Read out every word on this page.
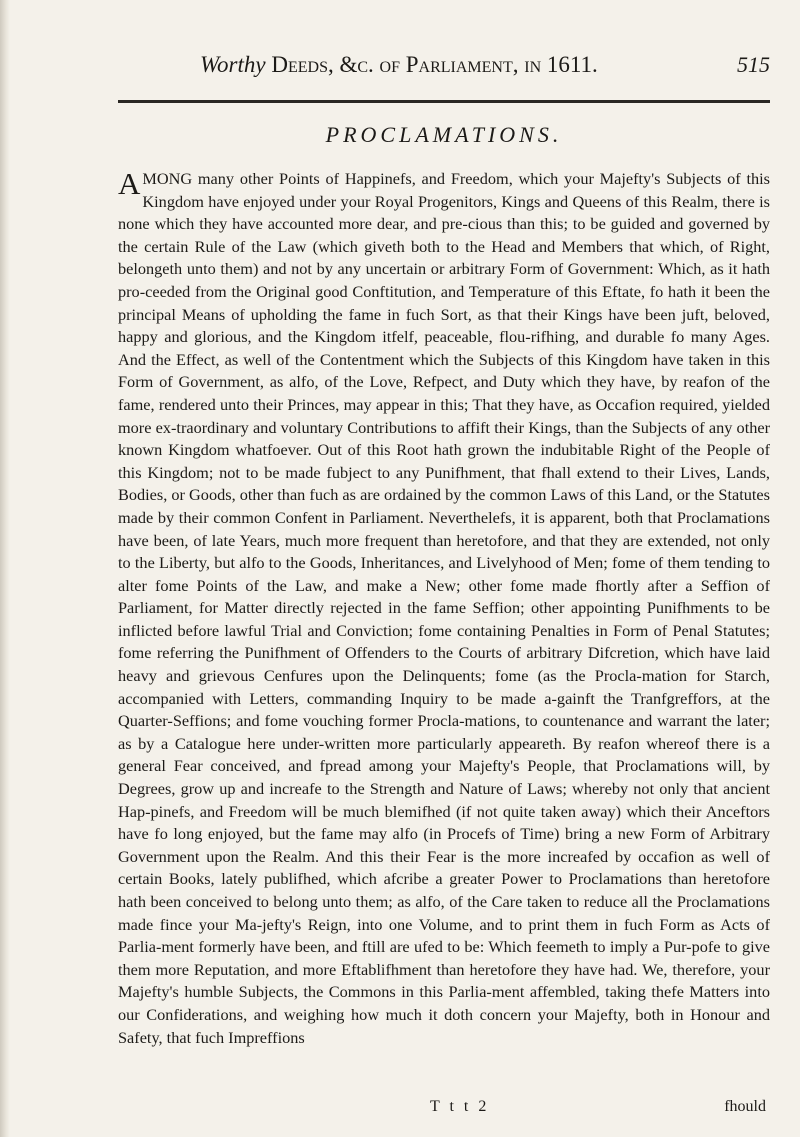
Worthy Deeds, &c. of Parliament, in 1611.	515
PROCLAMATIONS.
AMONG many other Points of Happinefs, and Freedom, which your Majefty's Subjects of this Kingdom have enjoyed under your Royal Progenitors, Kings and Queens of this Realm, there is none which they have accounted more dear, and pre-cious than this; to be guided and governed by the certain Rule of the Law (which giveth both to the Head and Members that which, of Right, belongeth unto them) and not by any uncertain or arbitrary Form of Government: Which, as it hath pro-ceeded from the Original good Conftitution, and Temperature of this Eftate, fo hath it been the principal Means of upholding the fame in fuch Sort, as that their Kings have been juft, beloved, happy and glorious, and the Kingdom itfelf, peaceable, flou-rifhing, and durable fo many Ages. And the Effect, as well of the Contentment which the Subjects of this Kingdom have taken in this Form of Government, as alfo, of the Love, Refpect, and Duty which they have, by reafon of the fame, rendered unto their Princes, may appear in this; That they have, as Occafion required, yielded more ex-traordinary and voluntary Contributions to affift their Kings, than the Subjects of any other known Kingdom whatfoever. Out of this Root hath grown the indubitable Right of the People of this Kingdom; not to be made fubject to any Punifhment, that fhall extend to their Lives, Lands, Bodies, or Goods, other than fuch as are ordained by the common Laws of this Land, or the Statutes made by their common Confent in Parliament. Neverthelefs, it is apparent, both that Proclamations have been, of late Years, much more frequent than heretofore, and that they are extended, not only to the Liberty, but alfo to the Goods, Inheritances, and Livelyhood of Men; fome of them tending to alter fome Points of the Law, and make a New; other fome made fhortly after a Seffion of Parliament, for Matter directly rejected in the fame Seffion; other appointing Punifhments to be inflicted before lawful Trial and Conviction; fome containing Penalties in Form of Penal Statutes; fome referring the Punifhment of Offenders to the Courts of arbitrary Difcretion, which have laid heavy and grievous Cenfures upon the Delinquents; fome (as the Procla-mation for Starch, accompanied with Letters, commanding Inquiry to be made a-gainft the Tranfgreffors, at the Quarter-Seffions; and fome vouching former Procla-mations, to countenance and warrant the later; as by a Catalogue here under-written more particularly appeareth. By reafon whereof there is a general Fear conceived, and fpread among your Majefty's People, that Proclamations will, by Degrees, grow up and increafe to the Strength and Nature of Laws; whereby not only that ancient Hap-pinefs, and Freedom will be much blemifhed (if not quite taken away) which their Anceftors have fo long enjoyed, but the fame may alfo (in Procefs of Time) bring a new Form of Arbitrary Government upon the Realm. And this their Fear is the more increafed by occafion as well of certain Books, lately publifhed, which afcribe a greater Power to Proclamations than heretofore hath been conceived to belong unto them; as alfo, of the Care taken to reduce all the Proclamations made fince your Ma-jefty's Reign, into one Volume, and to print them in fuch Form as Acts of Parlia-ment formerly have been, and ftill are ufed to be: Which feemeth to imply a Pur-pofe to give them more Reputation, and more Eftablifhment than heretofore they have had. We, therefore, your Majefty's humble Subjects, the Commons in this Parlia-ment affembled, taking thefe Matters into our Confiderations, and weighing how much it doth concern your Majefty, both in Honour and Safety, that fuch Impreffions
T t t 2	fhould
